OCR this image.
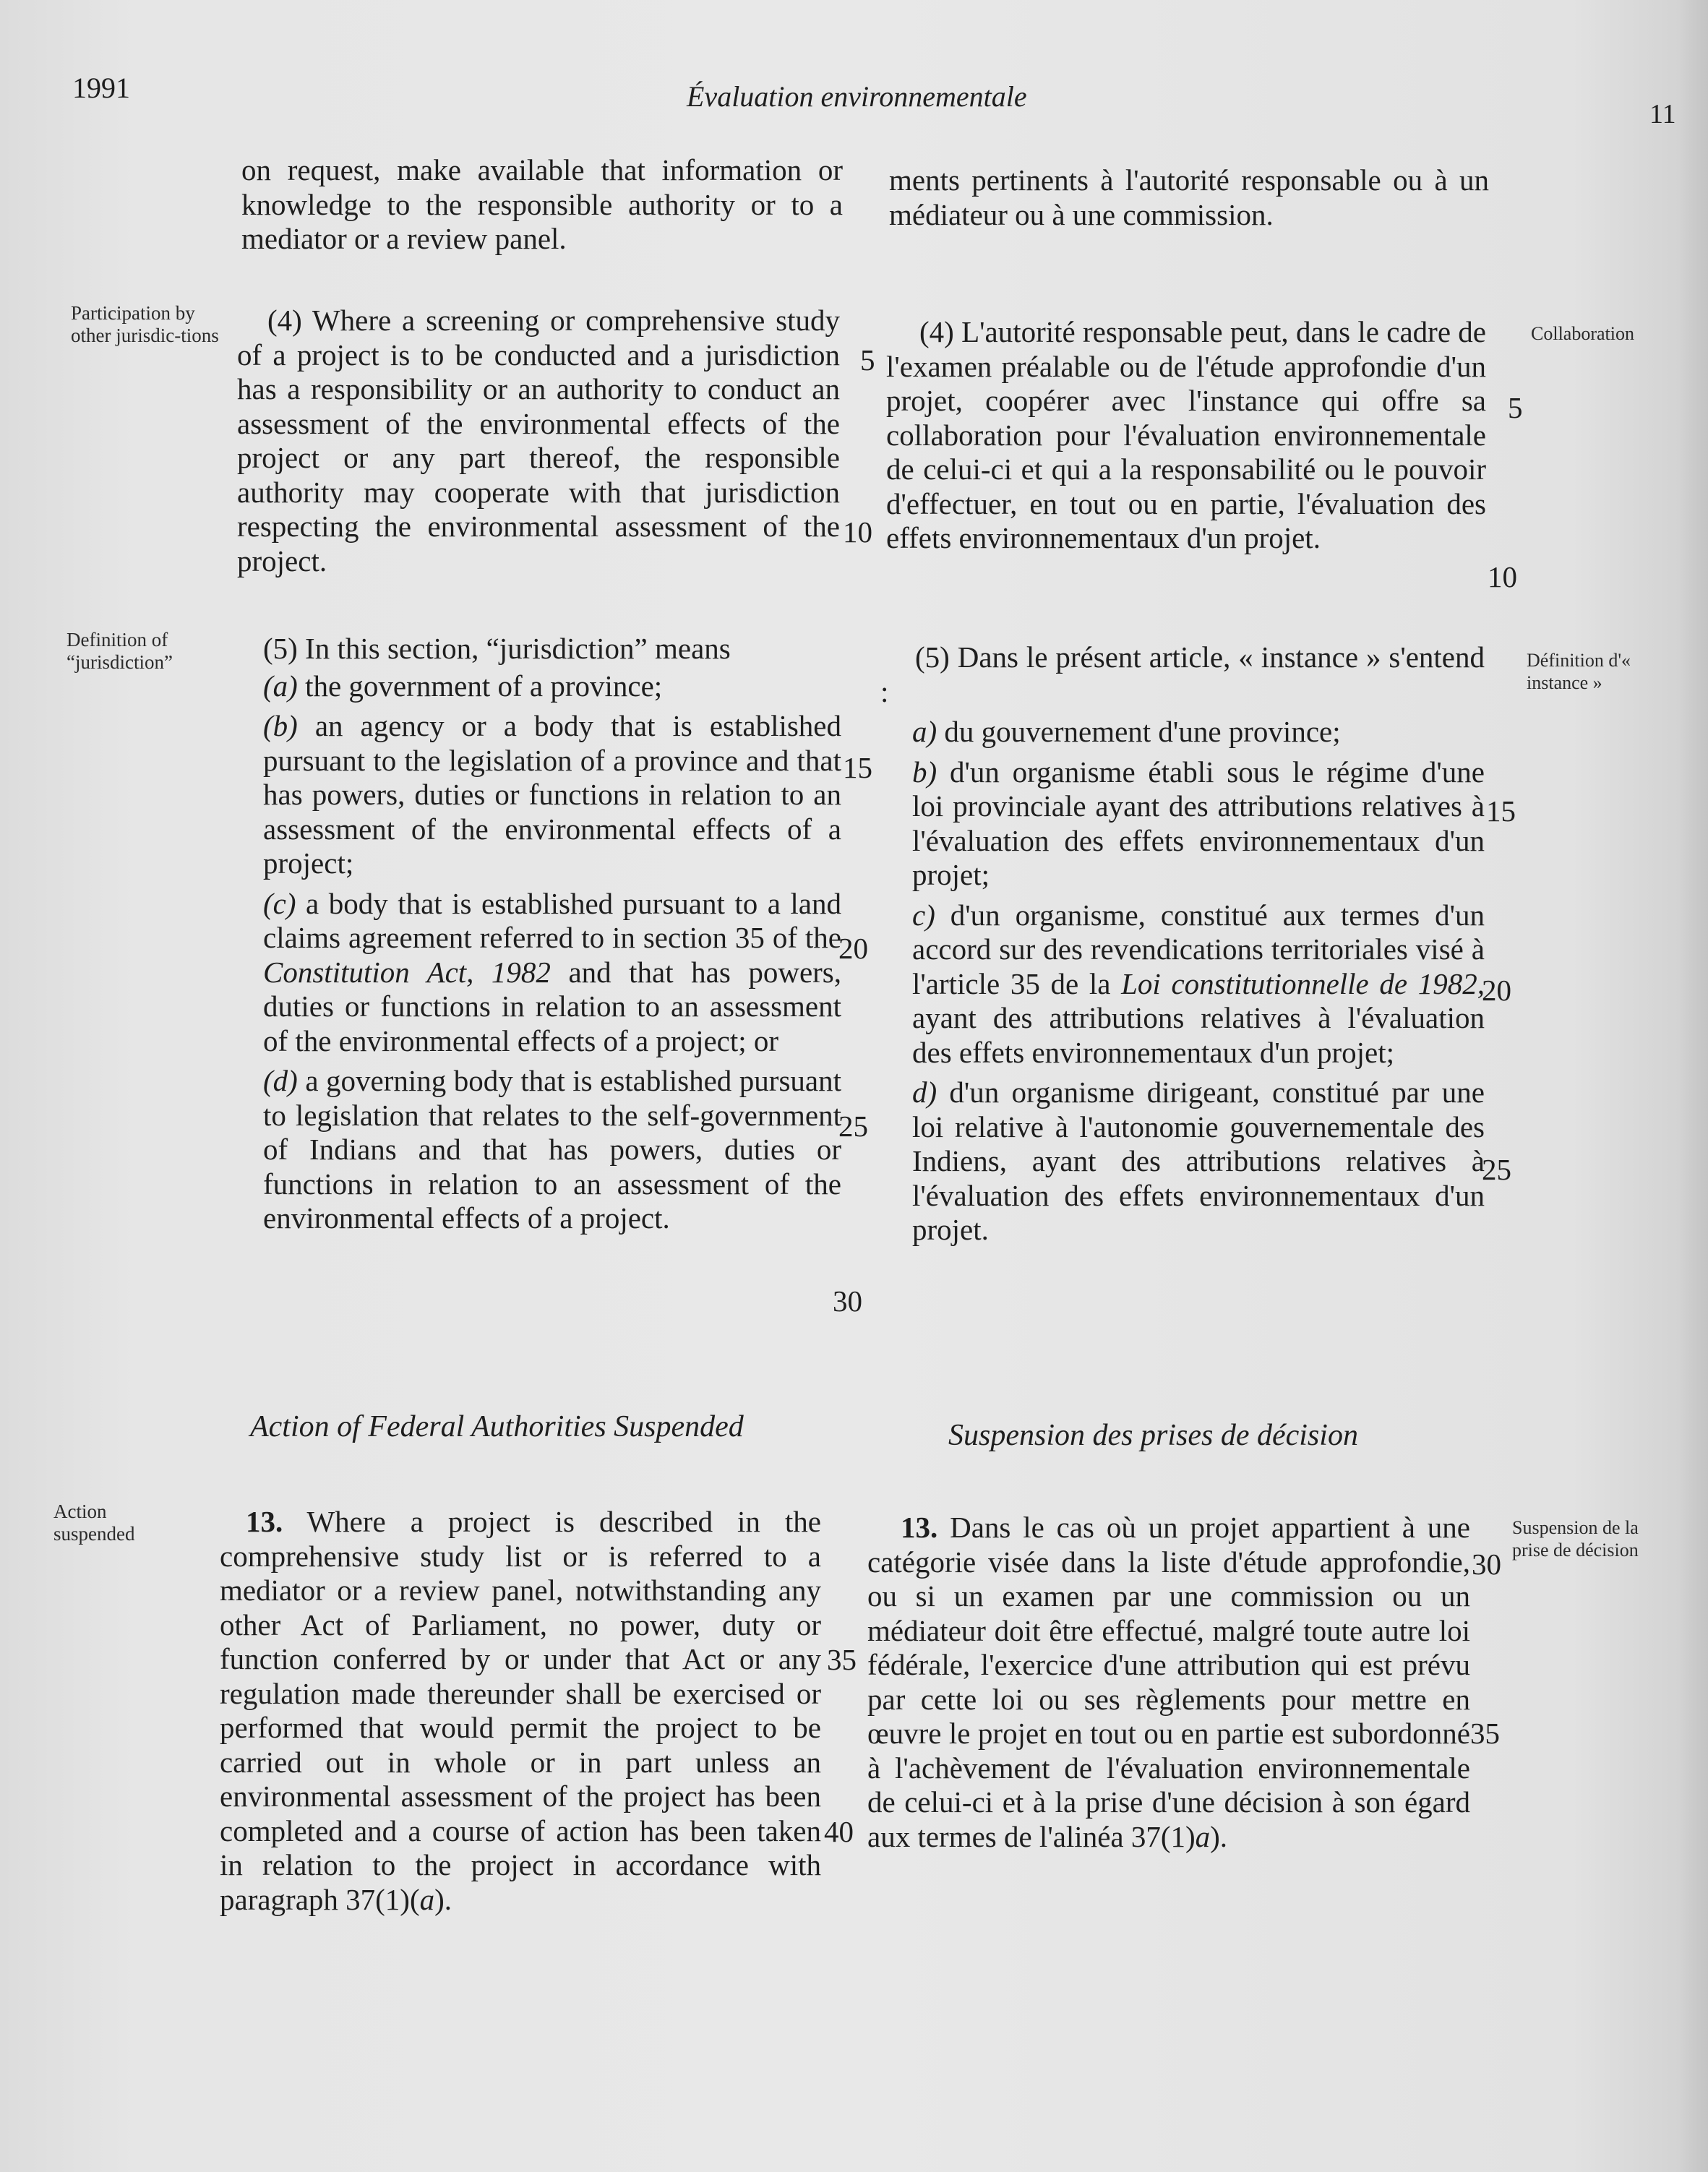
1991	Évaluation environnementale
11
Participation by other jurisdic-tions
Definition of “jurisdiction”
Action suspended
Collaboration
Définition d'« instance »
Suspension de la prise de décision

on request, make available that information or knowledge to the responsible authority or to a mediator or a review panel.

(4) Where a screening or comprehensive study of a project is to be conducted and a jurisdiction has a responsibility or an authority to conduct an assessment of the environmental effects of the project or any part thereof, the responsible authority may cooperate with that jurisdiction respecting the environmental assessment of the project.

(5) In this section, “jurisdiction” means

(a) the government of a province;

(b) an agency or a body that is established pursuant to the legislation of a province and that has powers, duties or functions in relation to an assessment of the environmental effects of a project;

(c) a body that is established pursuant to a land claims agreement referred to in section 35 of the Constitution Act, 1982 and that has powers, duties or functions in relation to an assessment of the environmental effects of a project; or

(d) a governing body that is established pursuant to legislation that relates to the self-government of Indians and that has powers, duties or functions in relation to an assessment of the environmental effects of a project.

Action of Federal Authorities Suspended

13. Where a project is described in the comprehensive study list or is referred to a mediator or a review panel, notwithstanding any other Act of Parliament, no power, duty or function conferred by or under that Act or any regulation made thereunder shall be exercised or performed that would permit the project to be carried out in whole or in part unless an environmental assessment of the project has been completed and a course of action has been taken in relation to the project in accordance with paragraph 37(1)(a).

ments pertinents à l'autorité responsable ou à un médiateur ou à une commission.

(4) L'autorité responsable peut, dans le cadre de l'examen préalable ou de l'étude approfondie d'un projet, coopérer avec l'instance qui offre sa collaboration pour l'évaluation environnementale de celui-ci et qui a la responsabilité ou le pouvoir d'effectuer, en tout ou en partie, l'évaluation des effets environnementaux d'un projet.

(5) Dans le présent article, « instance » s'entend :

a) du gouvernement d'une province;

b) d'un organisme établi sous le régime d'une loi provinciale ayant des attributions relatives à l'évaluation des effets environnementaux d'un projet;

c) d'un organisme, constitué aux termes d'un accord sur des revendications territoriales visé à l'article 35 de la Loi constitutionnelle de 1982, ayant des attributions relatives à l'évaluation des effets environnementaux d'un projet;

d) d'un organisme dirigeant, constitué par une loi relative à l'autonomie gouvernementale des Indiens, ayant des attributions relatives à l'évaluation des effets environnementaux d'un projet.

Suspension des prises de décision

13. Dans le cas où un projet appartient à une catégorie visée dans la liste d'étude approfondie, ou si un examen par une commission ou un médiateur doit être effectué, malgré toute autre loi fédérale, l'exercice d'une attribution qui est prévu par cette loi ou ses règlements pour mettre en œuvre le projet en tout ou en partie est subordonné à l'achèvement de l'évaluation environnementale de celui-ci et à la prise d'une décision à son égard aux termes de l'alinéa 37(1)a).

5
10
15
20
25
30
35
40
5
10
15
20
25
30
35
